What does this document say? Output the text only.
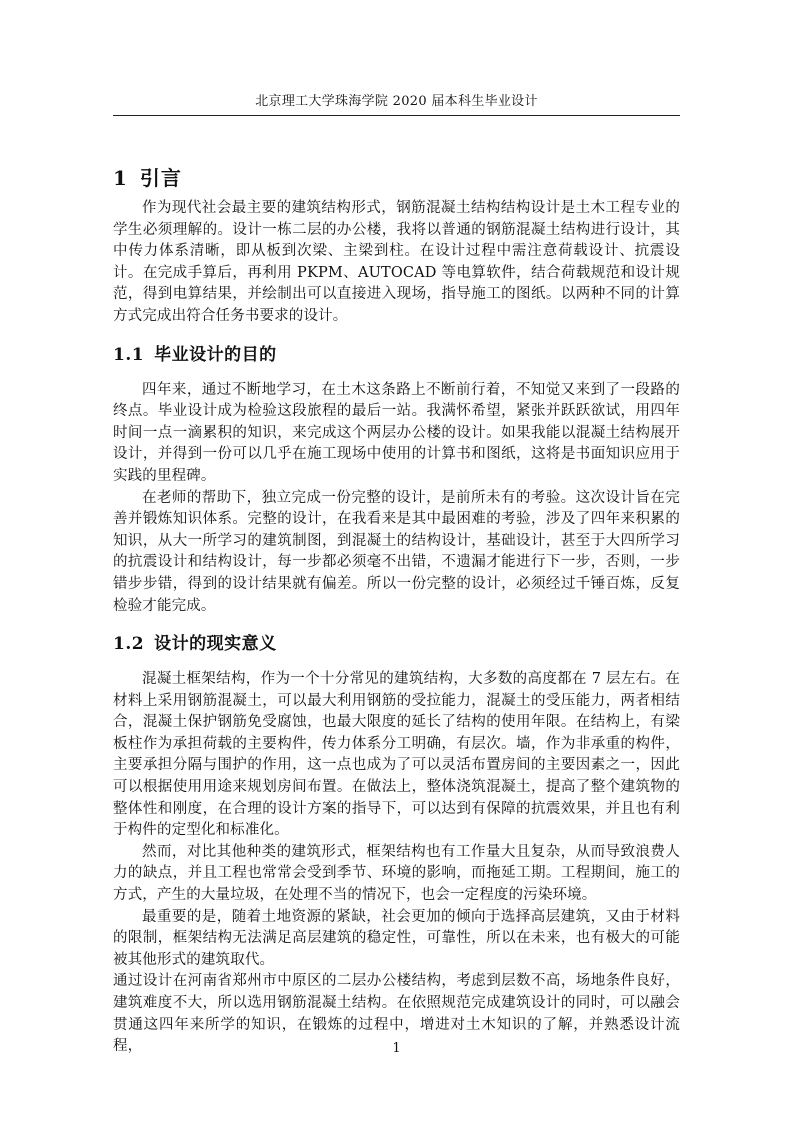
北京理工大学珠海学院 2020 届本科生毕业设计
1 引言

作为现代社会最主要的建筑结构形式，钢筋混凝土结构结构设计是土木工程专业的学生必须理解的。设计一栋二层的办公楼，我将以普通的钢筋混凝土结构进行设计，其中传力体系清晰，即从板到次梁、主梁到柱。在设计过程中需注意荷载设计、抗震设计。在完成手算后，再利用 PKPM、AUTOCAD 等电算软件，结合荷载规范和设计规范，得到电算结果，并绘制出可以直接进入现场，指导施工的图纸。以两种不同的计算方式完成出符合任务书要求的设计。

1.1 毕业设计的目的

四年来，通过不断地学习，在土木这条路上不断前行着，不知觉又来到了一段路的终点。毕业设计成为检验这段旅程的最后一站。我满怀希望，紧张并跃跃欲试，用四年时间一点一滴累积的知识，来完成这个两层办公楼的设计。如果我能以混凝土结构展开设计，并得到一份可以几乎在施工现场中使用的计算书和图纸，这将是书面知识应用于实践的里程碑。

在老师的帮助下，独立完成一份完整的设计，是前所未有的考验。这次设计旨在完善并锻炼知识体系。完整的设计，在我看来是其中最困难的考验，涉及了四年来积累的知识，从大一所学习的建筑制图，到混凝土的结构设计，基础设计，甚至于大四所学习的抗震设计和结构设计，每一步都必须毫不出错，不遗漏才能进行下一步，否则，一步错步步错，得到的设计结果就有偏差。所以一份完整的设计，必须经过千锤百炼，反复检验才能完成。

1.2 设计的现实意义

混凝土框架结构，作为一个十分常见的建筑结构，大多数的高度都在 7 层左右。在材料上采用钢筋混凝土，可以最大利用钢筋的受拉能力，混凝土的受压能力，两者相结合，混凝土保护钢筋免受腐蚀，也最大限度的延长了结构的使用年限。在结构上，有梁板柱作为承担荷载的主要构件，传力体系分工明确，有层次。墙，作为非承重的构件，主要承担分隔与围护的作用，这一点也成为了可以灵活布置房间的主要因素之一，因此可以根据使用用途来规划房间布置。在做法上，整体浇筑混凝土，提高了整个建筑物的整体性和刚度，在合理的设计方案的指导下，可以达到有保障的抗震效果，并且也有利于构件的定型化和标准化。

然而，对比其他种类的建筑形式，框架结构也有工作量大且复杂，从而导致浪费人力的缺点，并且工程也常常会受到季节、环境的影响，而拖延工期。工程期间，施工的方式，产生的大量垃圾，在处理不当的情况下，也会一定程度的污染环境。

最重要的是，随着土地资源的紧缺，社会更加的倾向于选择高层建筑，又由于材料的限制，框架结构无法满足高层建筑的稳定性，可靠性，所以在未来，也有极大的可能被其他形式的建筑取代。

通过设计在河南省郑州市中原区的二层办公楼结构，考虑到层数不高，场地条件良好，建筑难度不大，所以选用钢筋混凝土结构。在依照规范完成建筑设计的同时，可以融会贯通这四年来所学的知识，在锻炼的过程中，增进对土木知识的了解，并熟悉设计流程，	1
